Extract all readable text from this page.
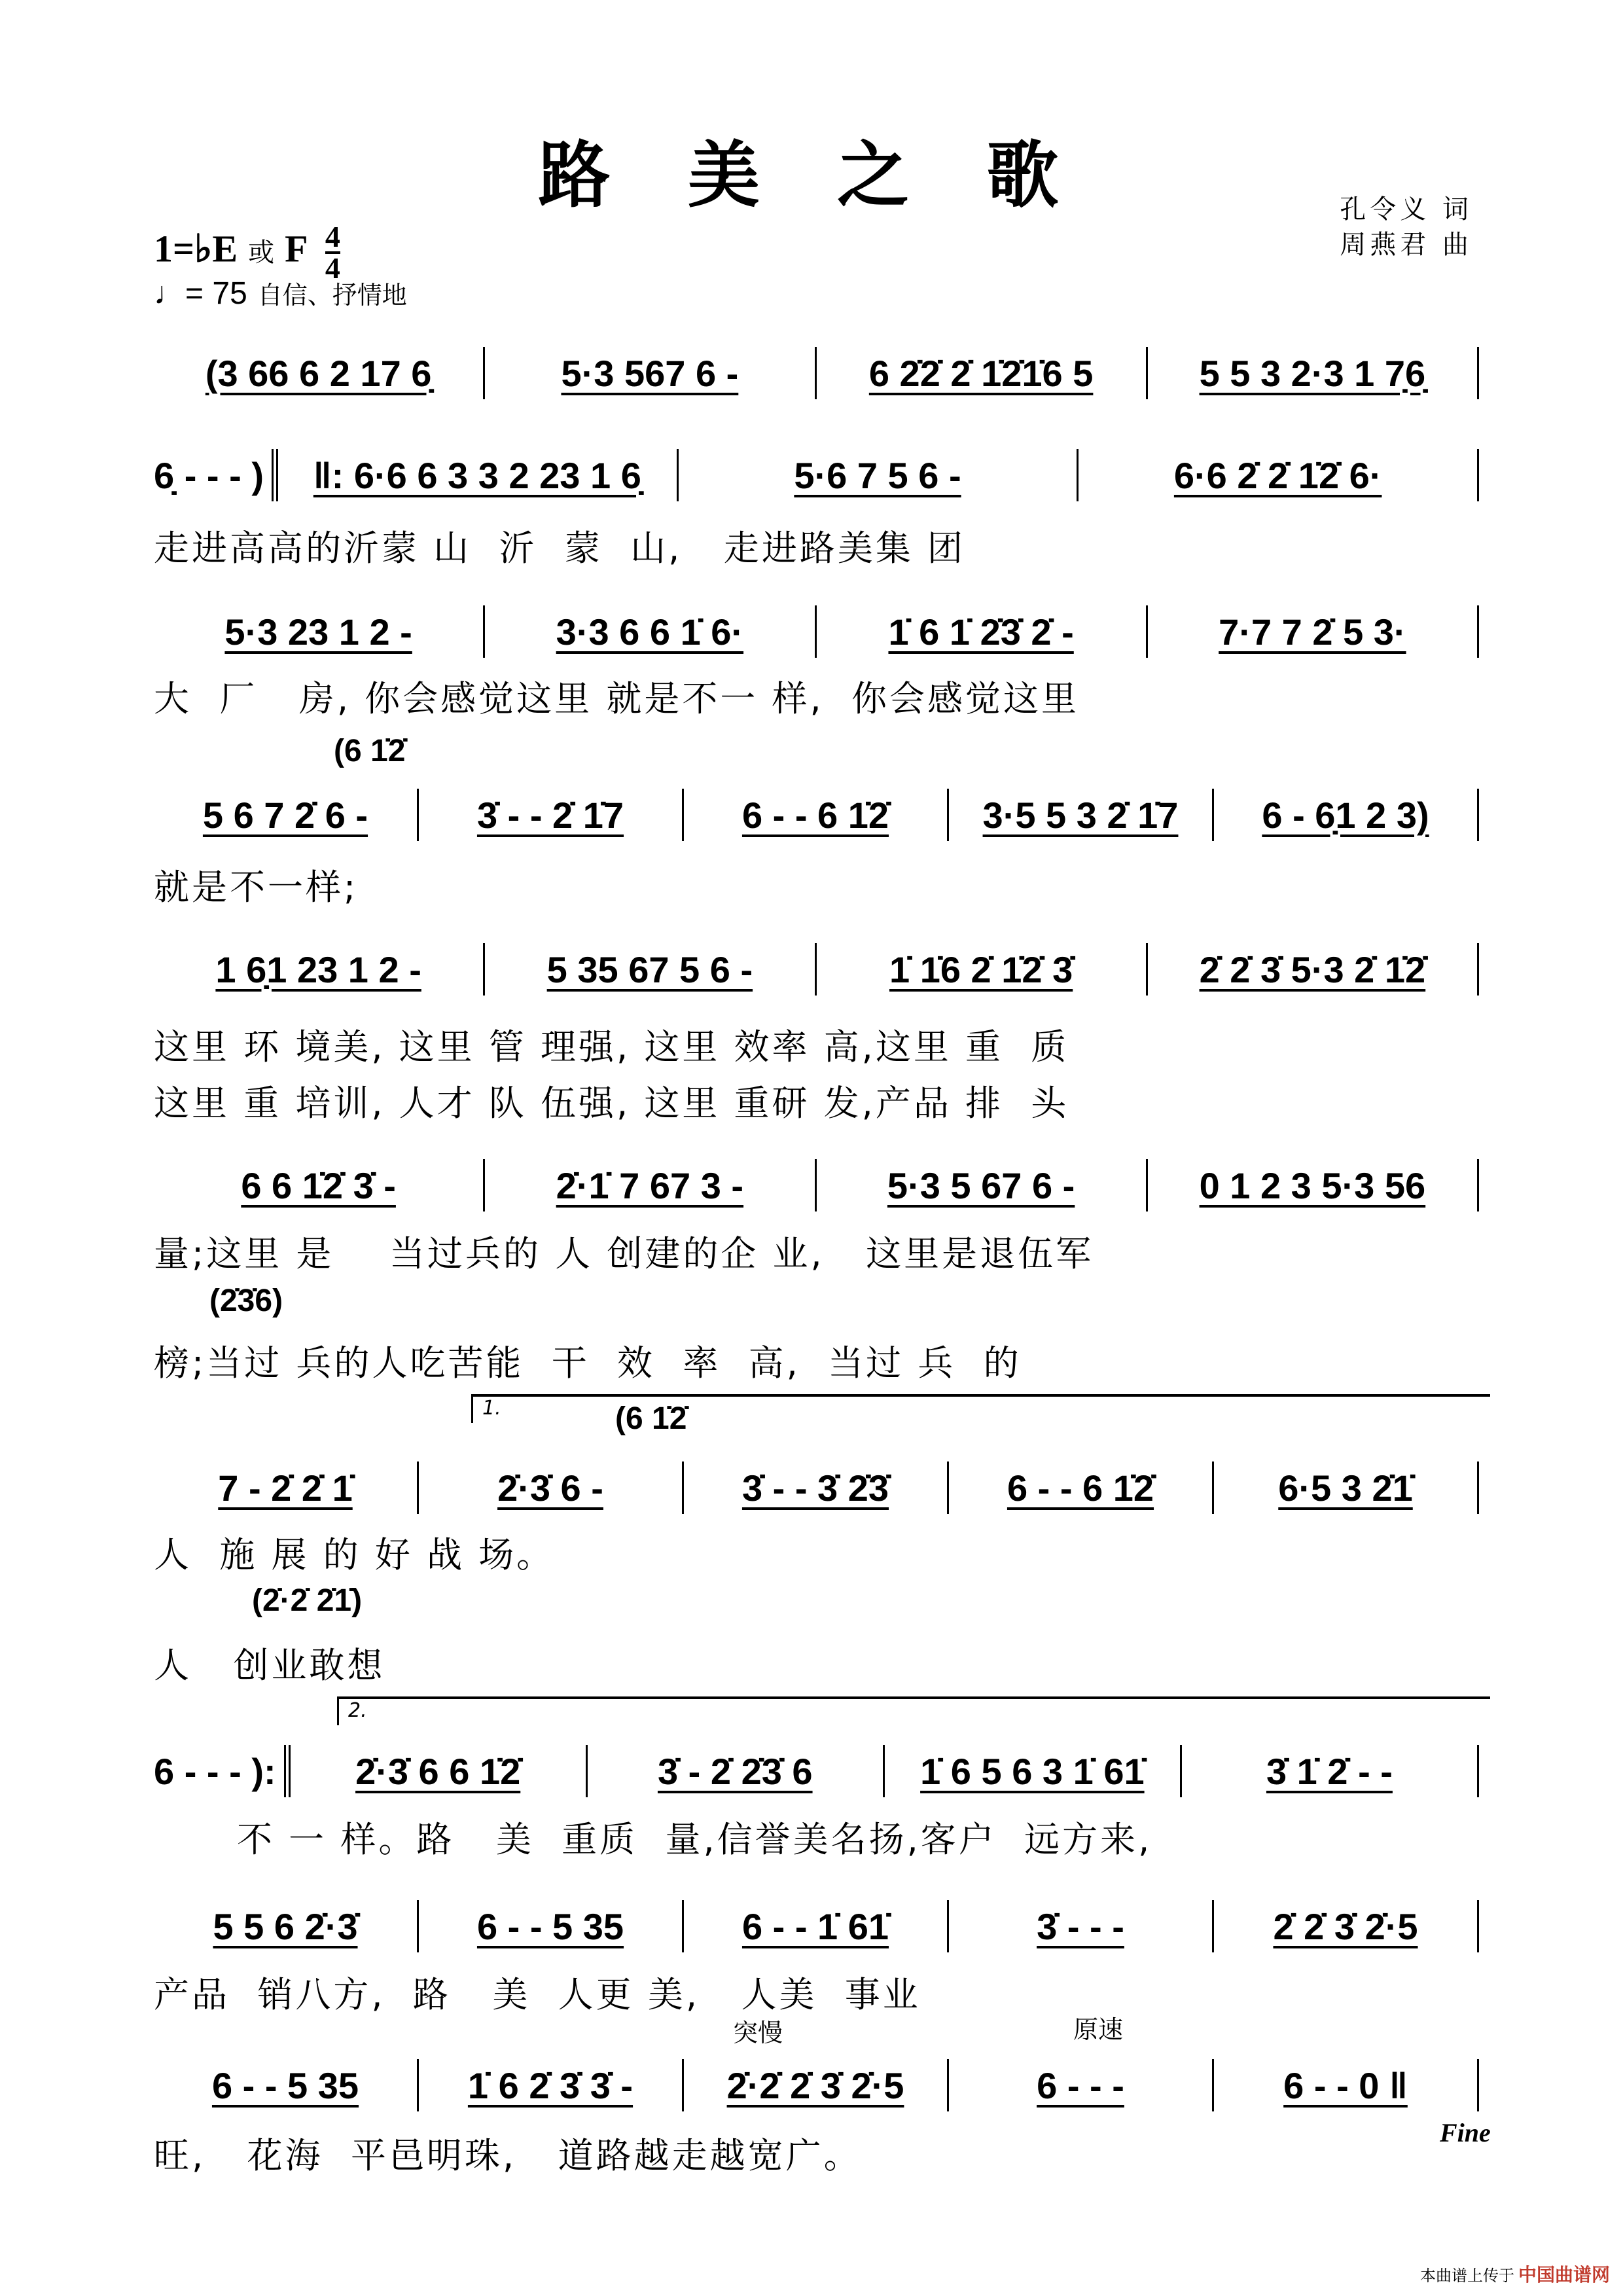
路 美 之 歌	孔令义 词
周燕君 曲
1=♭E 或 F $\frac{4}{4}$
♩= 75 自信、抒情地
(3 66 6 2 17 6̣	5·3 567 6 -	6 2̇2̇ 2̇ 1̇2̇1̇6 5	5 5 3 2·3 1 7̣6̣
6̣ - - - ) ‖: 6·6 6 3 3 2 23 1 6̣	5·6 7 5 6 -	6·6 2̇ 2̇ 1̇2̇ 6·
走进高高的沂蒙 山  沂  蒙  山,   走进路美集 团
5·3 23 1 2 -	3·3 6 6 1̇ 6·	1̇ 6 1̇ 2̇3̇ 2̇ -	7·7 7 2̇ 5 3·
大  厂   房, 你会感觉这里 就是不一 样,  你会感觉这里
5 6 7 2̇ 6 -	3̇ - - 2̇ 1̇7	6 - - 6 1̇2̇	3·5 5 3 2̇ 1̇7 6 - 6̣1 2 3)
就是不一样;
(6 1̇2̇
1 6̣1 23 1 2 -	5 35 67 5 6 -	1̇ 1̇6 2̇ 1̇2̇ 3̇	2̇ 2̇ 3̇ 5·3 2̇ 1̇2̇
这里 环 境美, 这里 管 理强, 这里 效率 高,这里 重  质
这里 重 培训, 人才 队 伍强, 这里 重研 发,产品 排  头
6 6 1̇2̇ 3̇ -	2̇·1̇ 7 67 3 -	5·3 5 67 6 -	0 1 2 3 5·3 56
量;这里 是    当过兵的 人 创建的企 业,   这里是退伍军
榜;当过 兵的人吃苦能  干  效  率  高,  当过 兵  的
(2̇3̇6)
7 - 2̇ 2̇ 1̇	2̇·3̇ 6 -	3̇ - - 3̇ 2̇3̇	6 - - 6 1̇2̇	6·5 3 2̇1̇
人  施 展 的 好 战 场。
人   创业敢想
(6 1̇2̇
(2̇·2̇ 2̇1̇)
1.
6 - - - ): 2̇·3̇ 6 6 1̇2̇	3̇ - 2̇ 2̇3̇ 6	1̇ 6 5 6 3 1̇ 61̇	3̇ 1̇ 2̇ - -
不 一 样。路   美  重质  量,信誉美名扬,客户  远方来,
2.
5 5 6 2̇·3̇	6 - - 5 35	6 - - 1̇ 61̇	3̇ - - -	2̇ 2̇ 3̇ 2̇·5
产品  销八方,  路   美  人更 美,   人美  事业
6 - - 5 35	1̇ 6 2̇ 3̇ 3̇ -	2̇·2̇ 2̇ 3̇ 2̇·5	6 - - -	6 - - 0 ‖
旺,   花海  平邑明珠,   道路越走越宽广。
突慢	原速
Fine
本曲谱上传于 中国曲谱网
